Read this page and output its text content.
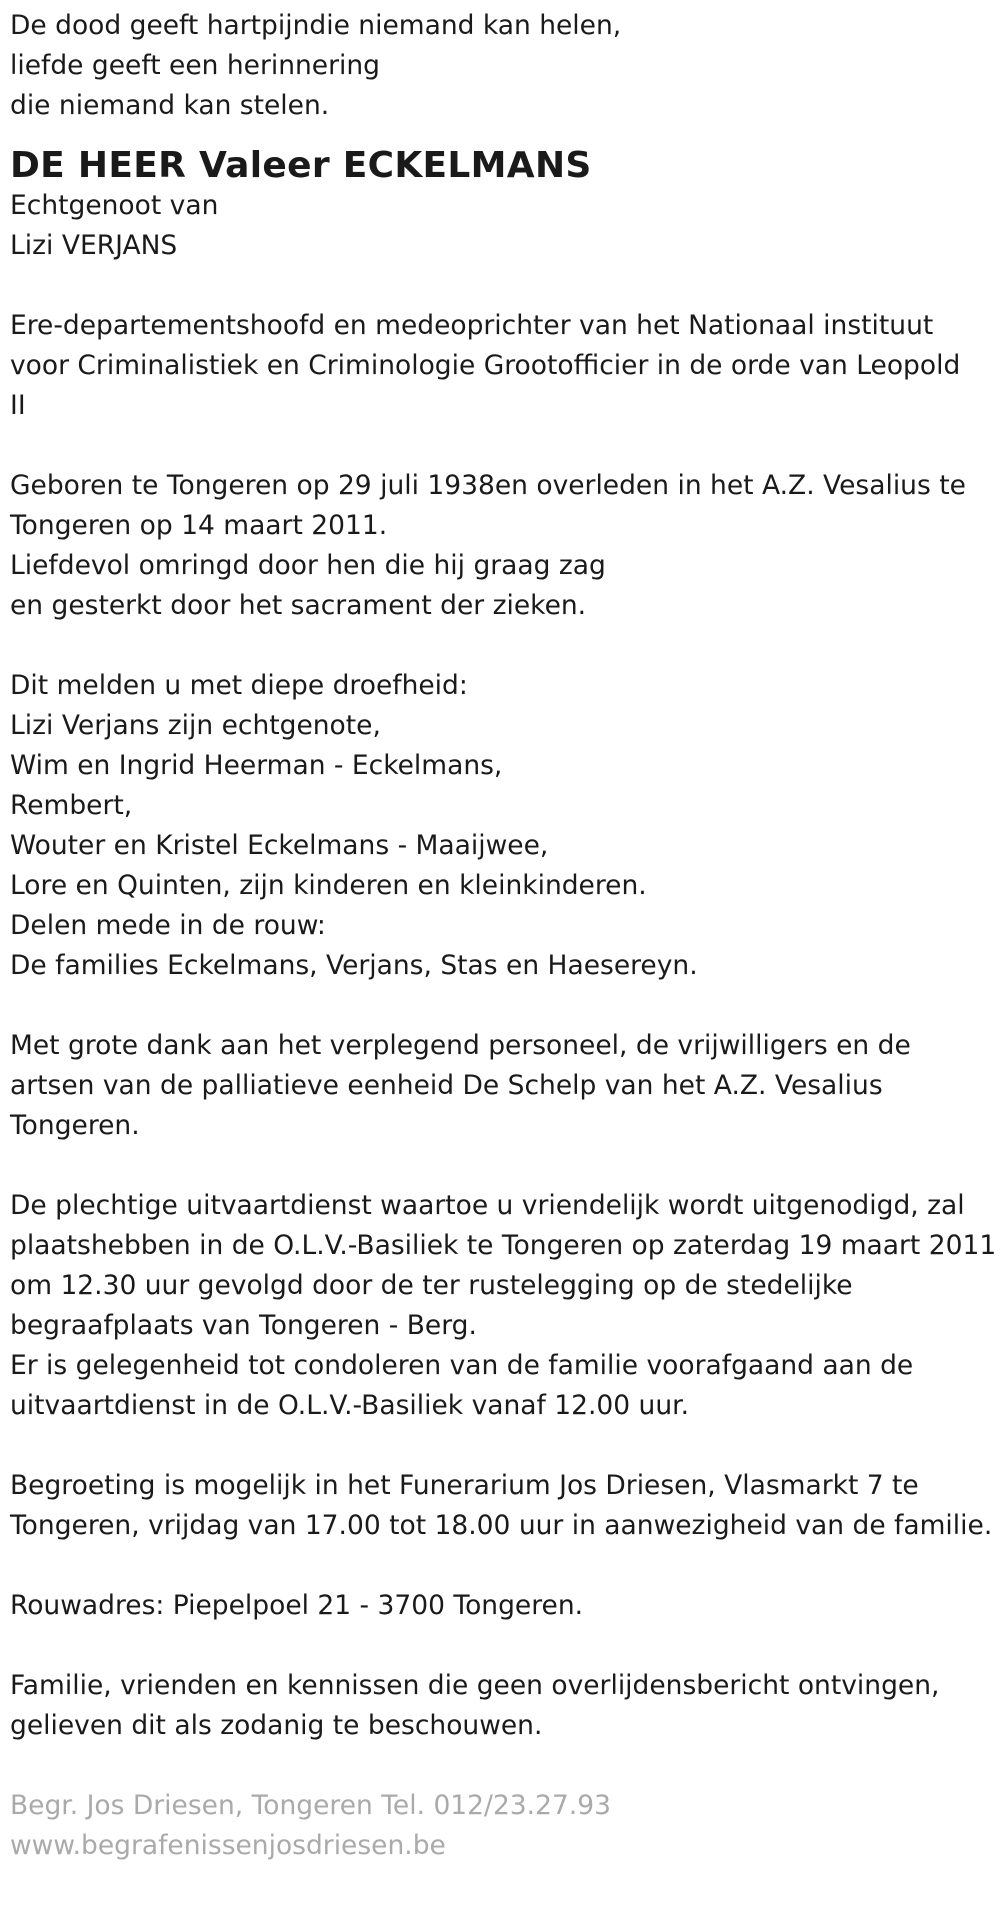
De dood geeft hartpijndie niemand kan helen,
liefde geeft een herinnering
die niemand kan stelen.
DE HEER Valeer ECKELMANS
Echtgenoot van
Lizi VERJANS
Ere-departementshoofd en medeoprichter van het Nationaal instituut
voor Criminalistiek en Criminologie Grootofficier in de orde van Leopold
II
Geboren te Tongeren op 29 juli 1938en overleden in het A.Z. Vesalius te
Tongeren op 14 maart 2011.
Liefdevol omringd door hen die hij graag zag
en gesterkt door het sacrament der zieken.
Dit melden u met diepe droefheid:
Lizi Verjans zijn echtgenote,
Wim en Ingrid Heerman - Eckelmans,
Rembert,
Wouter en Kristel Eckelmans - Maaijwee,
Lore en Quinten, zijn kinderen en kleinkinderen.
Delen mede in de rouw:
De families Eckelmans, Verjans, Stas en Haesereyn.
Met grote dank aan het verplegend personeel, de vrijwilligers en de
artsen van de palliatieve eenheid De Schelp van het A.Z. Vesalius
Tongeren.
De plechtige uitvaartdienst waartoe u vriendelijk wordt uitgenodigd, zal
plaatshebben in de O.L.V.-Basiliek te Tongeren op zaterdag 19 maart 2011
om 12.30 uur gevolgd door de ter rustelegging op de stedelijke
begraafplaats van Tongeren - Berg.
Er is gelegenheid tot condoleren van de familie voorafgaand aan de
uitvaartdienst in de O.L.V.-Basiliek vanaf 12.00 uur.
Begroeting is mogelijk in het Funerarium Jos Driesen, Vlasmarkt 7 te
Tongeren, vrijdag van 17.00 tot 18.00 uur in aanwezigheid van de familie.
Rouwadres: Piepelpoel 21 - 3700 Tongeren.
Familie, vrienden en kennissen die geen overlijdensbericht ontvingen,
gelieven dit als zodanig te beschouwen.
Begr. Jos Driesen, Tongeren Tel. 012/23.27.93
www.begrafenissenjosdriesen.be
